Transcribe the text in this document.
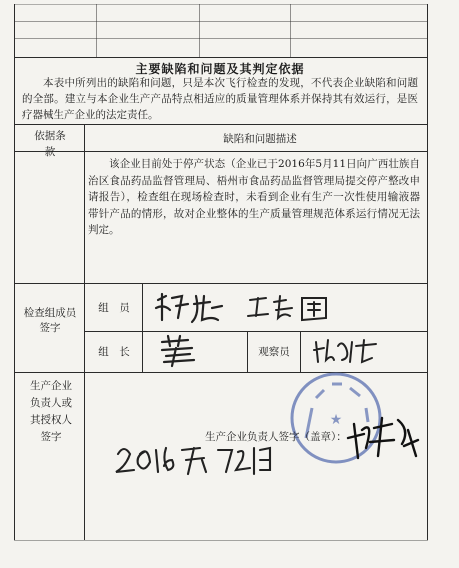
主要缺陷和问题及其判定依据
本表中所列出的缺陷和问题，只是本次飞行检查的发现，不代表企业缺陷和问题的全部。建立与本企业生产产品特点相适应的质量管理体系并保持其有效运行，是医疗器械生产企业的法定责任。
依据条款
缺陷和问题描述
该企业目前处于停产状态（企业已于2016年5月11日向广西壮族自治区食品药品监督管理局、梧州市食品药品监督管理局提交停产整改申请报告），检查组在现场检查时，未看到企业有生产一次性使用输液器 带针产品的情形，故对企业整体的生产质量管理规范体系运行情况无法判定。
检查组成员签字
组　员
组　长	观察员
生产企业负责人或其授权人签字
★
生产企业负责人签字（盖章）：
